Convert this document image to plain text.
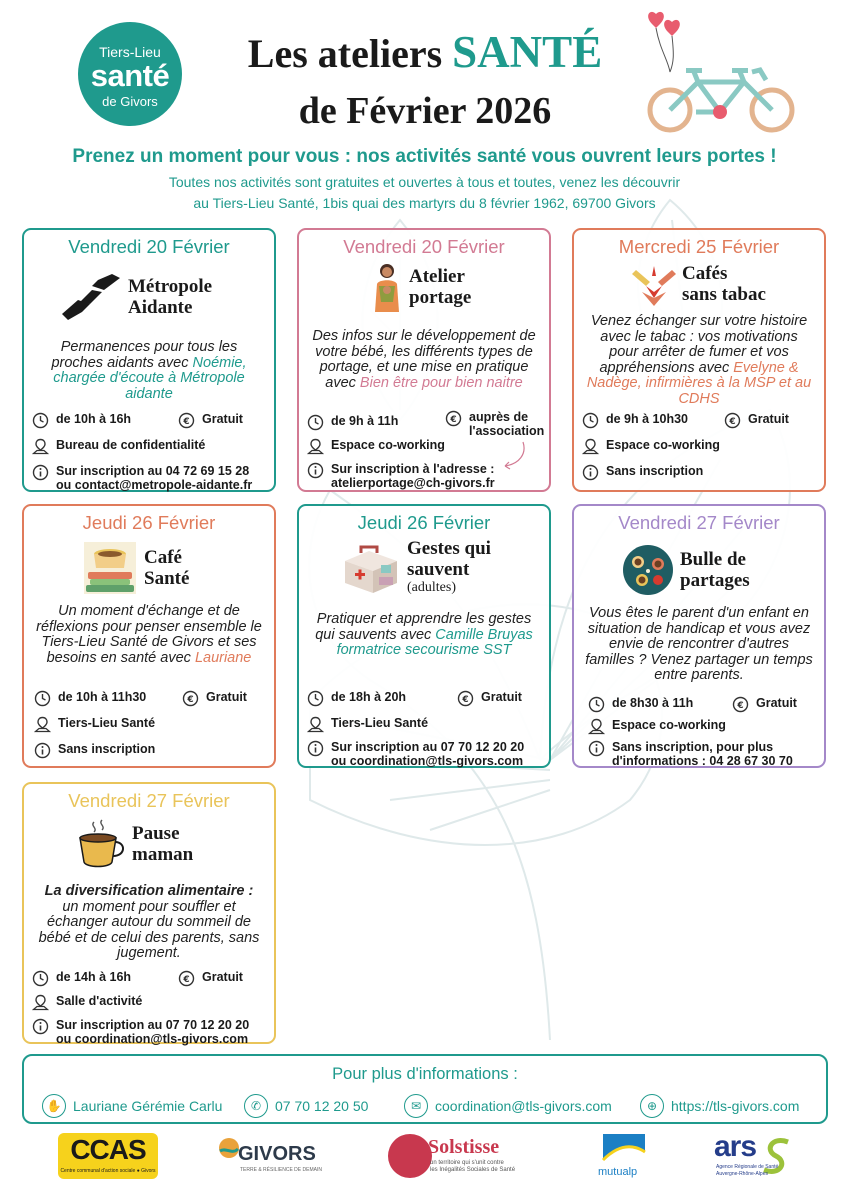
Tiers-Lieu
santé
de Givors
Les ateliers SANTÉ
de Février 2026
Prenez un moment pour vous : nos activités santé vous ouvrent leurs portes !
Toutes nos activités sont gratuites et ouvertes à tous et toutes, venez les découvrir
au Tiers-Lieu Santé, 1bis quai des martyrs du 8 février 1962, 69700 Givors
Vendredi 20 Février
Métropole
Aidante
Permanences pour tous les proches aidants avec Noémie, chargée d'écoute à Métropole aidante
de 10h à 16h	€ Gratuit
Bureau de confidentialité
Sur inscription au 04 72 69 15 28
ou contact@metropole-aidante.fr
Vendredi 20 Février
Atelier
portage
Des infos sur le développement de votre bébé, les différents types de portage, et une mise en pratique avec Bien être pour bien naitre
de 9h à 11h	€ auprès de
l'association
Espace co-working
Sur inscription à l'adresse :
atelierportage@ch-givors.fr
Mercredi 25 Février
Cafés
sans tabac
Venez échanger sur votre histoire avec le tabac : vos motivations pour arrêter de fumer et vos appréhensions avec Evelyne & Nadège, infirmières à la MSP et au CDHS
de 9h à 10h30	€ Gratuit
Espace co-working
Sans inscription
Jeudi 26 Février
Café
Santé
Un moment d'échange et de réflexions pour penser ensemble le Tiers-Lieu Santé de Givors et ses besoins en santé avec Lauriane
de 10h à 11h30	€ Gratuit
Tiers-Lieu Santé
Sans inscription
Jeudi 26 Février
Gestes qui
sauvent
(adultes)
Pratiquer et apprendre les gestes qui sauvents avec Camille Bruyas formatrice secourisme SST
de 18h à 20h	€ Gratuit
Tiers-Lieu Santé
Sur inscription au 07 70 12 20 20
ou coordination@tls-givors.com
Vendredi 27 Février
Bulle de
partages
Vous êtes le parent d'un enfant en situation de handicap et vous avez envie de rencontrer d'autres familles ? Venez partager un temps entre parents.
de 8h30 à 11h	€ Gratuit
Espace co-working
Sans inscription, pour plus
d'informations : 04 28 67 30 70
Vendredi 27 Février
Pause
maman
La diversification alimentaire :
un moment pour souffler et échanger autour du sommeil de bébé et de celui des parents, sans jugement.
de 14h à 16h	€ Gratuit
Salle d'activité
Sur inscription au 07 70 12 20 20
ou coordination@tls-givors.com
Pour plus d'informations :
✋ Lauriane Gérémie Carlu	✆ 07 70 12 20 50	✉ coordination@tls-givors.com	⊕ https://tls-givors.com
CCAS
Centre communal d'action sociale ● Givors
GIVORS
TERRE & RÉSILIENCE DE DEMAIN
Solstisse
un territoire qui s'unit contre
les Inégalités Sociales de Santé	mutualp
ars
Agence Régionale de Santé
Auvergne-Rhône-Alpes
